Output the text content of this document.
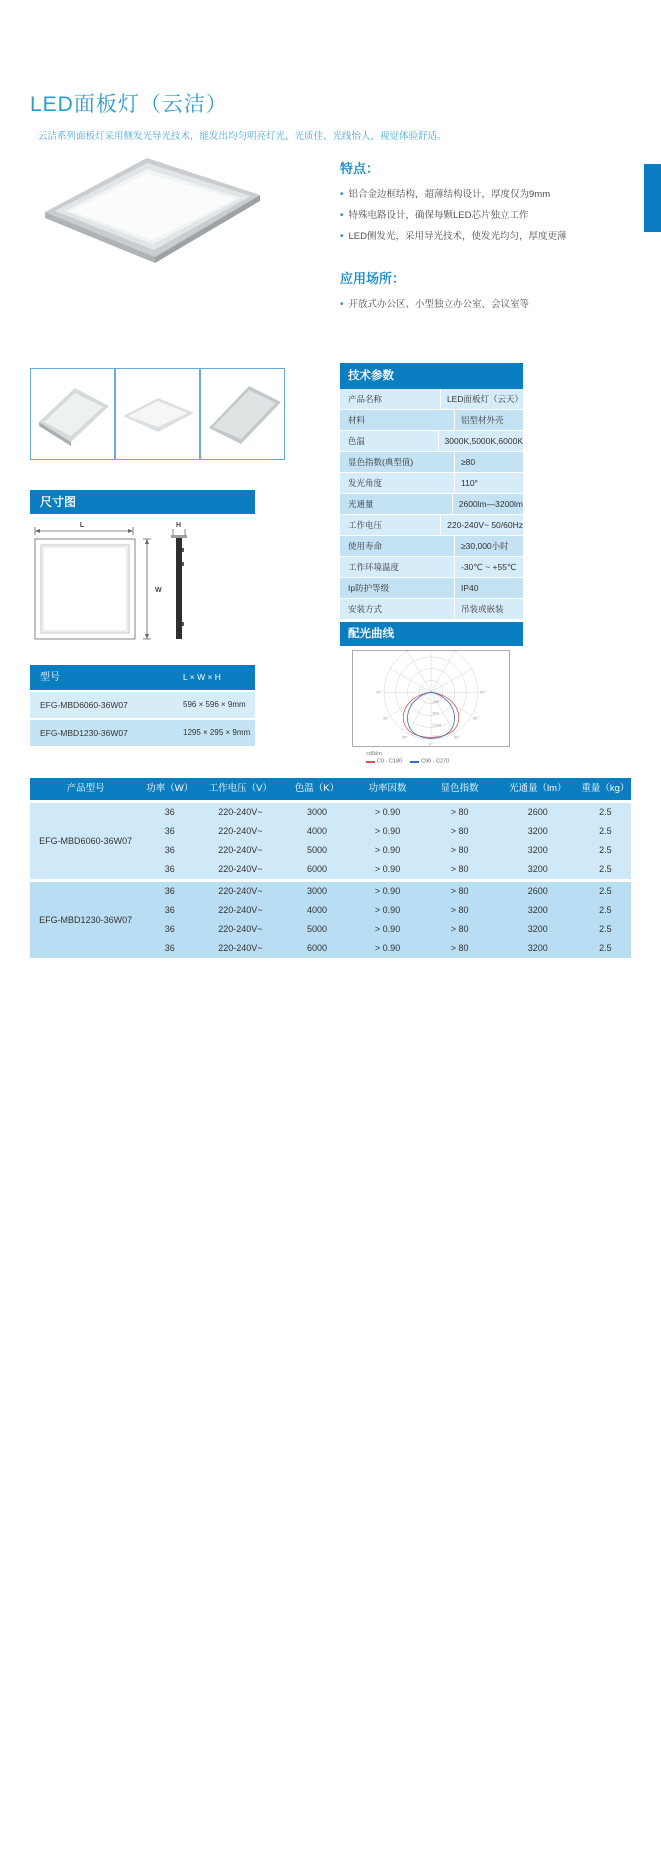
LED面板灯（云洁）
云洁系列面板灯采用侧发光导光技术，能发出均匀明亮灯光，光质佳、光线怡人，视觉体验舒适。
特点：
• 铝合金边框结构，超薄结构设计，厚度仅为9mm
• 特殊电路设计，确保每颗LED芯片独立工作
• LED侧发光，采用导光技术，使发光均匀，厚度更薄
应用场所：
• 开放式办公区、小型独立办公室、会议室等
尺寸图
L
W
H
型号	L × W × H
EFG-MBD6060-36W07	596 × 596 × 9mm
EFG-MBD1230-36W07	1295 × 295 × 9mm
技术参数
产品名称	LED面板灯（云天）
材料	铝型材外壳
色温	3000K,5000K,6000K
显色指数(典型值)	≥80
发光角度	110°
光通量	2600lm—3200lm
工作电压	220-240V~ 50/60Hz
使用寿命	≥30,000小时
工作环境温度	-30℃ ~ +55℃
Ip防护等级	IP40
安装方式	吊装或嵌装
配光曲线
90°
60°
30°
0°
30°
60°
90°
400
800
1200
1600
cd/klm
C0 - C180	C90 - C270
产品型号	功率（W）	工作电压（V）	色温（K）	功率因数	显色指数	光通量（lm）	重量（kg）
EFG-MBD6060-36W07
36	220-240V~	3000	> 0.90	> 80	2600	2.5
36	220-240V~	4000	> 0.90	> 80	3200	2.5
36	220-240V~	5000	> 0.90	> 80	3200	2.5
36	220-240V~	6000	> 0.90	> 80	3200	2.5
EFG-MBD1230-36W07
36	220-240V~	3000	> 0.90	> 80	2600	2.5
36	220-240V~	4000	> 0.90	> 80	3200	2.5
36	220-240V~	5000	> 0.90	> 80	3200	2.5
36	220-240V~	6000	> 0.90	> 80	3200	2.5
